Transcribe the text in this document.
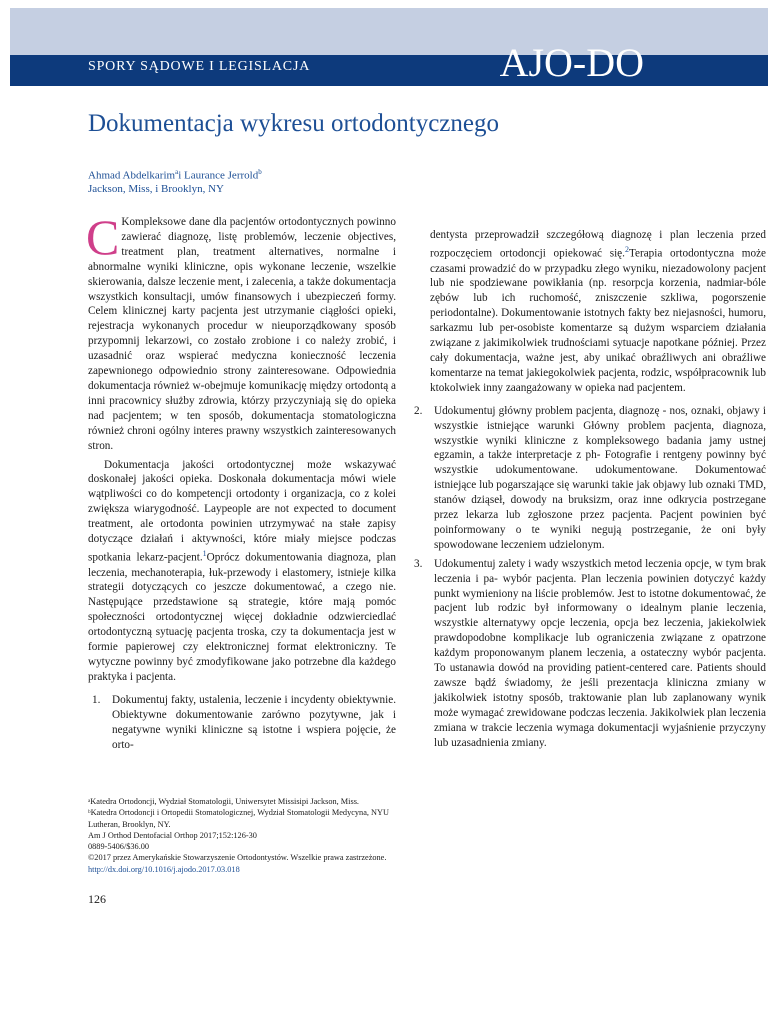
SPORY SĄDOWE I LEGISLACJA	AJO-DO
Dokumentacja wykresu ortodontycznego
Ahmad Abdelkarim$^a$i Laurance Jerrold$^b$
Jackson, Miss, i Brooklyn, NY

C Kompleksowe dane dla pacjentów ortodontycznych powinno zawierać diagnozę, listę problemów, leczenie objectives, treatment plan, treatment alternatives, normalne i abnormalne wyniki kliniczne, opis wykonane leczenie, wszelkie skierowania, dalsze leczenie ment, i zalecenia, a także dokumentacja wszystkich konsultacji, umów finansowych i ubezpieczeń formy. Celem klinicznej karty pacjenta jest utrzymanie ciągłości opieki, rejestracja wykonanych procedur w nieuporządkowany sposób przypomnij lekarzowi, co zostało zrobione i co należy zrobić, i uzasadnić oraz wspierać medyczna konieczność leczenia zapewnionego odpowiednio strony zainteresowane. Odpowiednia dokumentacja również w-obejmuje komunikację między ortodontą a inni pracownicy służby zdrowia, którzy przyczyniają się do opieka nad pacjentem; w ten sposób, dokumentacja stomatologiczna również chroni ogólny interes prawny wszystkich zainteresowanych stron.

Dokumentacja jakości ortodontycznej może wskazywać doskonałej jakości opieka. Doskonała dokumentacja mówi wiele wątpliwości co do kompetencji ortodonty i organizacja, co z kolei zwiększa wiarygodność. Laypeople are not expected to document treatment, ale ortodonta powinien utrzymywać na stałe zapisy dotyczące działań i aktywności, które miały miejsce podczas spotkania lekarz-pacjent.$^1$Oprócz dokumentowania diagnoza, plan leczenia, mechanoterapia, łuk-przewody i elastomery, istnieje kilka strategii dotyczących co jeszcze dokumentować, a czego nie. Następujące przedstawione są strategie, które mają pomóc społeczności ortodontycznej więcej dokładnie odzwierciedlać ortodontyczną sytuację pacjenta troska, czy ta dokumentacja jest w formie papierowej czy elektronicznej format elektroniczny. Te wytyczne powinny być zmodyfikowane jako potrzebne dla każdego praktyka i pacjenta.

1. Dokumentuj fakty, ustalenia, leczenie i incydenty obiektywnie. Obiektywne dokumentowanie zarówno pozytywne, jak i negatywne wyniki kliniczne są istotne i wspiera pojęcie, że orto-

dentysta przeprowadził szczegółową diagnozę i plan leczenia przed rozpoczęciem ortodoncji opiekować się.$^2$Terapia ortodontyczna może czasami prowadzić do w przypadku złego wyniku, niezadowolony pacjent lub nie spodziewane powikłania (np. resorpcja korzenia, nadmiar-bóle zębów lub ich ruchomość, zniszczenie szkliwa, pogorszenie periodontalne). Dokumentowanie istotnych fakty bez niejasności, humoru, sarkazmu lub per-osobiste komentarze są dużym wsparciem działania związane z jakimikolwiek trudnościami sytuacje napotkane później. Przez cały dokumentacja, ważne jest, aby unikać obraźliwych ani obraźliwe komentarze na temat jakiegokolwiek pacjenta, rodzic, współpracownik lub ktokolwiek inny zaangażowany w opieka nad pacjentem.

2. Udokumentuj główny problem pacjenta, diagnozę - nos, oznaki, objawy i wszystkie istniejące warunki Główny problem pacjenta, diagnoza, wszystkie wyniki kliniczne z kompleksowego badania jamy ustnej egzamin, a także interpretacje z ph- Fotografie i rentgeny powinny być wszystkie udokumentowane. udokumentowane. Dokumentować istniejące lub pogarszające się warunki takie jak objawy lub oznaki TMD, stanów dziąseł, dowody na bruksizm, oraz inne odkrycia postrzegane przez lekarza lub zgłoszone przez pacjenta. Pacjent powinien być poinformowany o te wyniki negują postrzeganie, że oni były spowodowane leczeniem udzielonym.
3. Udokumentuj zalety i wady wszystkich metod leczenia opcje, w tym brak leczenia i pa- wybór pacjenta. Plan leczenia powinien dotyczyć każdy punkt wymieniony na liście problemów. Jest to istotne dokumentować, że pacjent lub rodzic był informowany o idealnym planie leczenia, wszystkie alternatywy opcje leczenia, opcja bez leczenia, jakiekolwiek prawdopodobne komplikacje lub ograniczenia związane z opatrzone każdym proponowanym planem leczenia, a ostateczny wybór pacjenta. To ustanawia dowód na providing patient-centered care. Patients should zawsze bądź świadomy, że jeśli prezentacja kliniczna zmiany w jakikolwiek istotny sposób, traktowanie plan lub zaplanowany wynik może wymagać zrewidowane podczas leczenia. Jakikolwiek plan leczenia zmiana w trakcie leczenia wymaga dokumentacji wyjaśnienie przyczyny lub uzasadnienia zmiany.
ᵃKatedra Ortodoncji, Wydział Stomatologii, Uniwersytet Missisipi Jackson, Miss.
ᵇKatedra Ortodoncji i Ortopedii Stomatologicznej, Wydział Stomatologii Medycyna, NYU Lutheran, Brooklyn, NY.
Am J Orthod Dentofacial Orthop 2017;152:126-30
0889-5406/$36.00
©2017 przez Amerykańskie Stowarzyszenie Ortodontystów. Wszelkie prawa zastrzeżone.
http://dx.doi.org/10.1016/j.ajodo.2017.03.018
126
